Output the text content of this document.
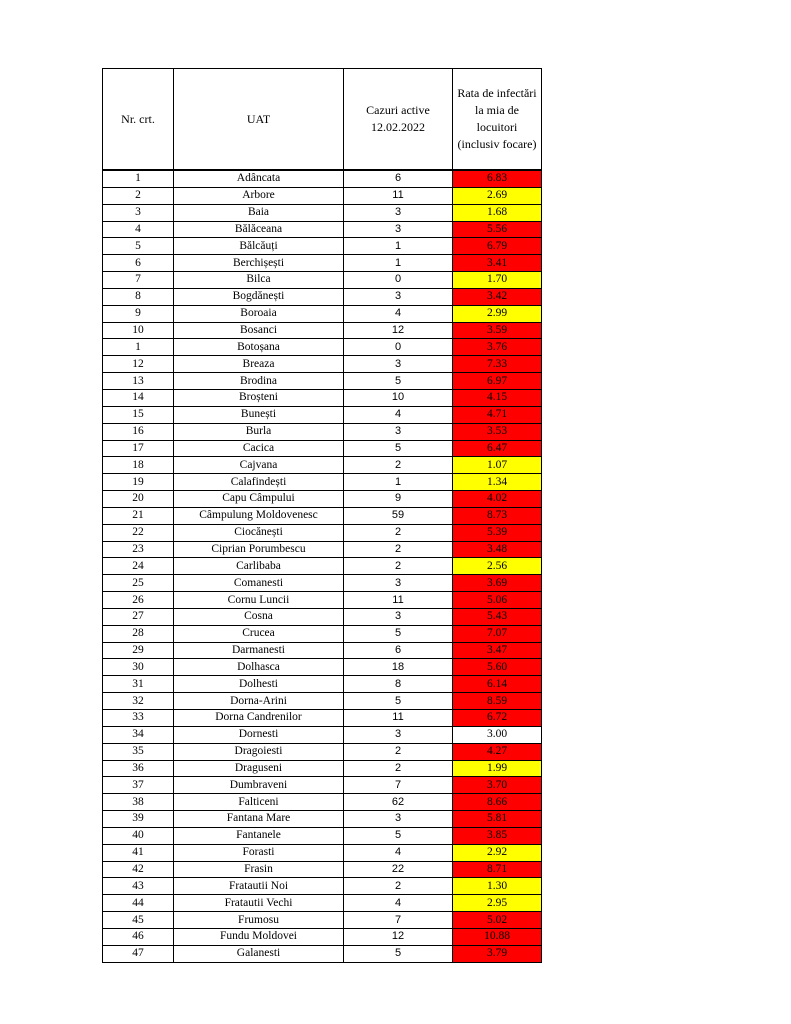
Nr. crt.	UAT	Cazuri active 12.02.2022	Rata de infectări la mia de locuitori (inclusiv focare)
1	Adâncata	6	6.83
2	Arbore	11	2.69
3	Baia	3	1.68
4	Bălăceana	3	5.56
5	Bălcăuți	1	6.79
6	Berchișești	1	3.41
7	Bilca	0	1.70
8	Bogdănești	3	3.42
9	Boroaia	4	2.99
10	Bosanci	12	3.59
1	Botoșana	0	3.76
12	Breaza	3	7.33
13	Brodina	5	6.97
14	Broșteni	10	4.15
15	Bunești	4	4.71
16	Burla	3	3.53
17	Cacica	5	6.47
18	Cajvana	2	1.07
19	Calafindești	1	1.34
20	Capu Câmpului	9	4.02
21	Câmpulung Moldovenesc	59	8.73
22	Ciocănești	2	5.39
23	Ciprian Porumbescu	2	3.48
24	Carlibaba	2	2.56
25	Comanesti	3	3.69
26	Cornu Luncii	11	5.06
27	Cosna	3	5.43
28	Crucea	5	7.07
29	Darmanesti	6	3.47
30	Dolhasca	18	5.60
31	Dolhesti	8	6.14
32	Dorna-Arini	5	8.59
33	Dorna Candrenilor	11	6.72
34	Dornesti	3	3.00
35	Dragoiesti	2	4.27
36	Draguseni	2	1.99
37	Dumbraveni	7	3.70
38	Falticeni	62	8.66
39	Fantana Mare	3	5.81
40	Fantanele	5	3.85
41	Forasti	4	2.92
42	Frasin	22	8.71
43	Fratautii Noi	2	1.30
44	Fratautii Vechi	4	2.95
45	Frumosu	7	5.02
46	Fundu Moldovei	12	10.88
47	Galanesti	5	3.79
